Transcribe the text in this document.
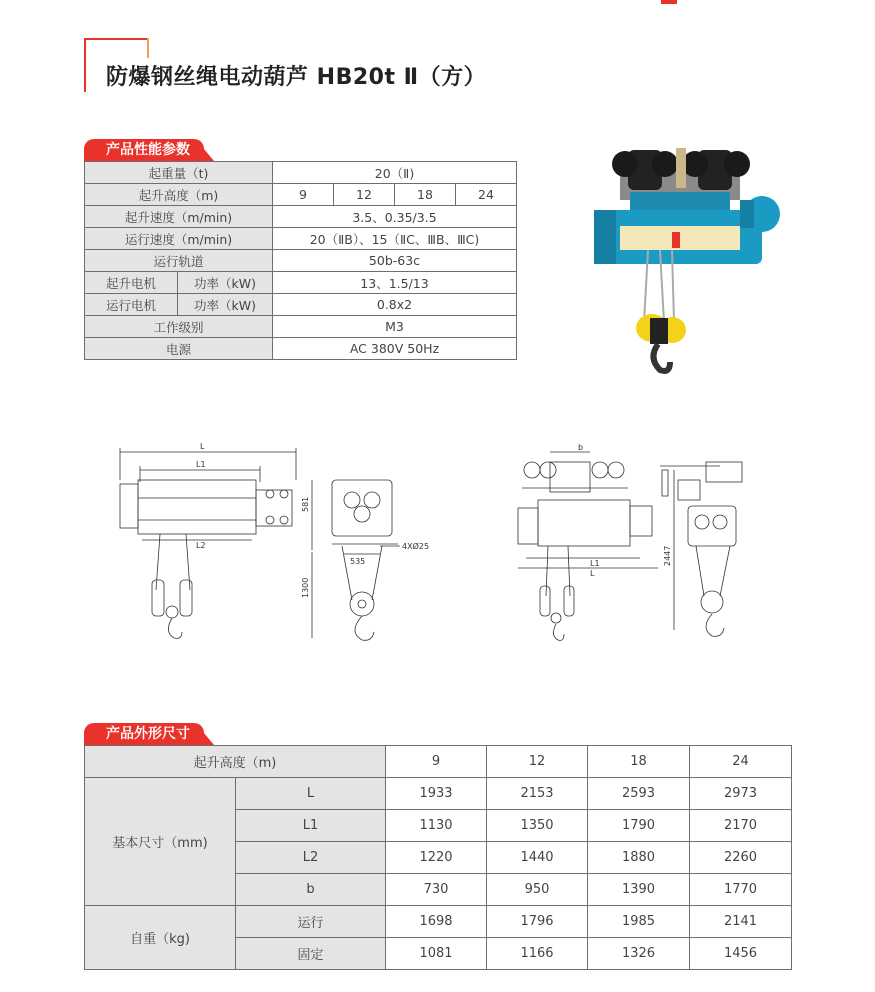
防爆钢丝绳电动葫芦 HB20t Ⅱ（方）
产品性能参数
起重量（t)		20（Ⅱ)			
起升高度（m)		9	12	18	24
起升速度（m/min)		3.5、0.35/3.5			
运行速度（m/min)		20（ⅡB）、15（ⅡC、ⅢB、ⅢC)			
运行轨道		50b-63c			
起升电机	功率（kW)	13、1.5/13			
运行电机	功率（kW)	0.8x2			
工作级别		M3			
电源		AC 380V 50Hz			
L
L1
L2
581
1300
535
4XØ25
b
L1
L
2447
产品外形尺寸
起升高度（m)		9	12	18	24
基本尺寸（mm)	L	1933	2153	2593	2973
	L1	1130	1350	1790	2170
	L2	1220	1440	1880	2260
	b	730	950	1390	1770
自重（kg)	运行	1698	1796	1985	2141
	固定	1081	1166	1326	1456
